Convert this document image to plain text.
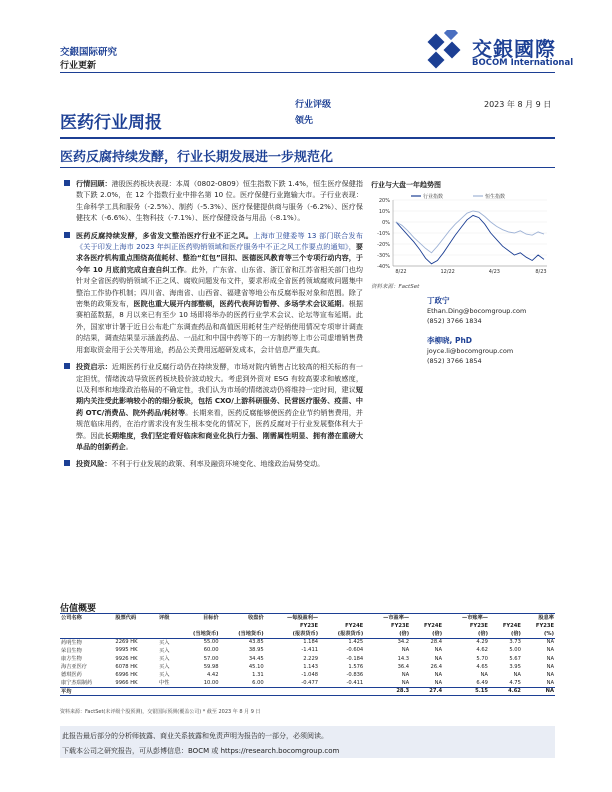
交銀国际研究
行业更新
交銀國際
BOCOM International
医药行业周报
行业评级
领先
2023 年 8 月 9 日
医药反腐持续发酵，行业长期发展进一步规范化
行情回顾：港股医药板块表现：本周（0802-0809）恒生指数下跌 1.4%，恒生医疗保健指数下跌 2.0%，在 12 个指数行业中排名第 10 位。医疗保健行业跑输大市。子行业表现：生命科学工具和服务（-2.5%）、制药（-5.3%）、医疗保健提供商与服务（-6.2%）、医疗保健技术（-6.6%）、生物科技（-7.1%）、医疗保健设备与用品（-8.1%）。
医药反腐持续发酵，多省发文整治医疗行业不正之风。上海市卫健委等 13 部门联合发布《关于印发上海市 2023 年纠正医药购销领域和医疗服务中不正之风工作要点的通知》，要求各医疗机构重点围绕高值耗材、整治“红包”回扣、医德医风教育等三个专项行动内容，于今年 10 月底前完成自查自纠工作。此外，广东省、山东省、浙江省和江苏省相关部门也均针对全省医药购销领域不正之风、腐败问题发布文件，要求形成全省医药领域腐败问题集中整治工作协作机制；四川省、海南省、山西省、福建省等地公布反腐举报对象和范围。除了密集的政策发布，医院也重大展开内部整顿，医药代表拜访暂停、多场学术会议延期。根据赛柏蓝数据，8 月以来已有至少 10 场即将举办的医药行业学术会议、论坛等宣布延期。此外，国家审计署于近日公布赴广东调查药品和高值医用耗材生产经销使用情况专项审计调查的结果，调查结果显示涵盖药品、一品红和中国中药等下的一方制药等上市公司虚增销售费用套取资金用于公关等用途，药品公关费用远超研发成本，会计信息严重失真。
投资启示：近期医药行业反腐行动仍在持续发酵，市场对院内销售占比较高的相关标的有一定担忧，情绪波动导致医药板块股价波动较大。考虑到外资对 ESG 有较高要求和敏感度，以及利率和地缘政治格局的不确定性，我们认为市场的情绪波动仍将维持一定时间，建议短期内关注受此影响较小的的细分板块，包括 CXO/上游科研服务、民营医疗服务、疫苗、中药 OTC/消费品、院外药品/耗材等。长期来看，医药反腐能够使医药企业节约销售费用，并规范临床用药，在治疗需求没有发生根本变化的情况下，医药反腐对于行业发展整体利大于弊。因此长期维度，我们坚定看好临床和商业化执行力强、刚需属性明显、拥有潜在重磅大单品的创新药企。
投资风险：不利于行业发展的政策、利率及融资环境变化、地缘政治局势变动。
行业与大盘一年趋势图
20%
10%
0%
-10%
-20%
-30%
-40%
8/22	12/22	4/23	8/23
行业指数	恒生指数
资料来源：FactSet
丁政宁
Ethan.Ding@bocomgroup.com
(852) 3766 1834
李柳晓, PhD
joyce.li@bocomgroup.com
(852) 3766 1854
估值概要
公司名称	股票代码	评级	目标价	收盘价	—每股盈利—		—市盈率—		—市账率—		股息率
					FY23E	FY24E	FY23E	FY24E	FY23E	FY24E	FY23E
			(当地货币)	(当地货币)	(报表货币)	(报表货币)	(倍)	(倍)	(倍)	(倍)	(%)
药明生物	2269 HK	买入	55.00	43.85	1.184	1.425	34.2	28.4	4.29	3.73	NA
荣昌生物	9995 HK	买入	60.00	38.95	-1.411	-0.604	NA	NA	4.62	5.00	NA
康方生物	9926 HK	买入	57.00	34.45	2.229	-0.184	14.3	NA	5.70	5.67	NA
海吉亚医疗	6078 HK	买入	59.98	45.10	1.143	1.576	36.4	26.4	4.65	3.95	NA
德琪医药	6996 HK	买入	4.42	1.31	-1.048	-0.836	NA	NA	NA	NA	NA
康宁杰瑞制药	9966 HK	中性	10.00	6.00	-0.477	-0.411	NA	NA	6.49	4.75	NA
平均							28.3	27.4	5.15	4.62	NA
资料来源：FactSet(未评级个股预测)，交银国际预测(覆盖公司) * 截至 2023 年 8 月 9 日
此报告最后部分的分析师披露、商业关系披露和免责声明为报告的一部分，必须阅读。
下载本公司之研究报告，可从彭博信息：BOCM 或 https://research.bocomgroup.com
